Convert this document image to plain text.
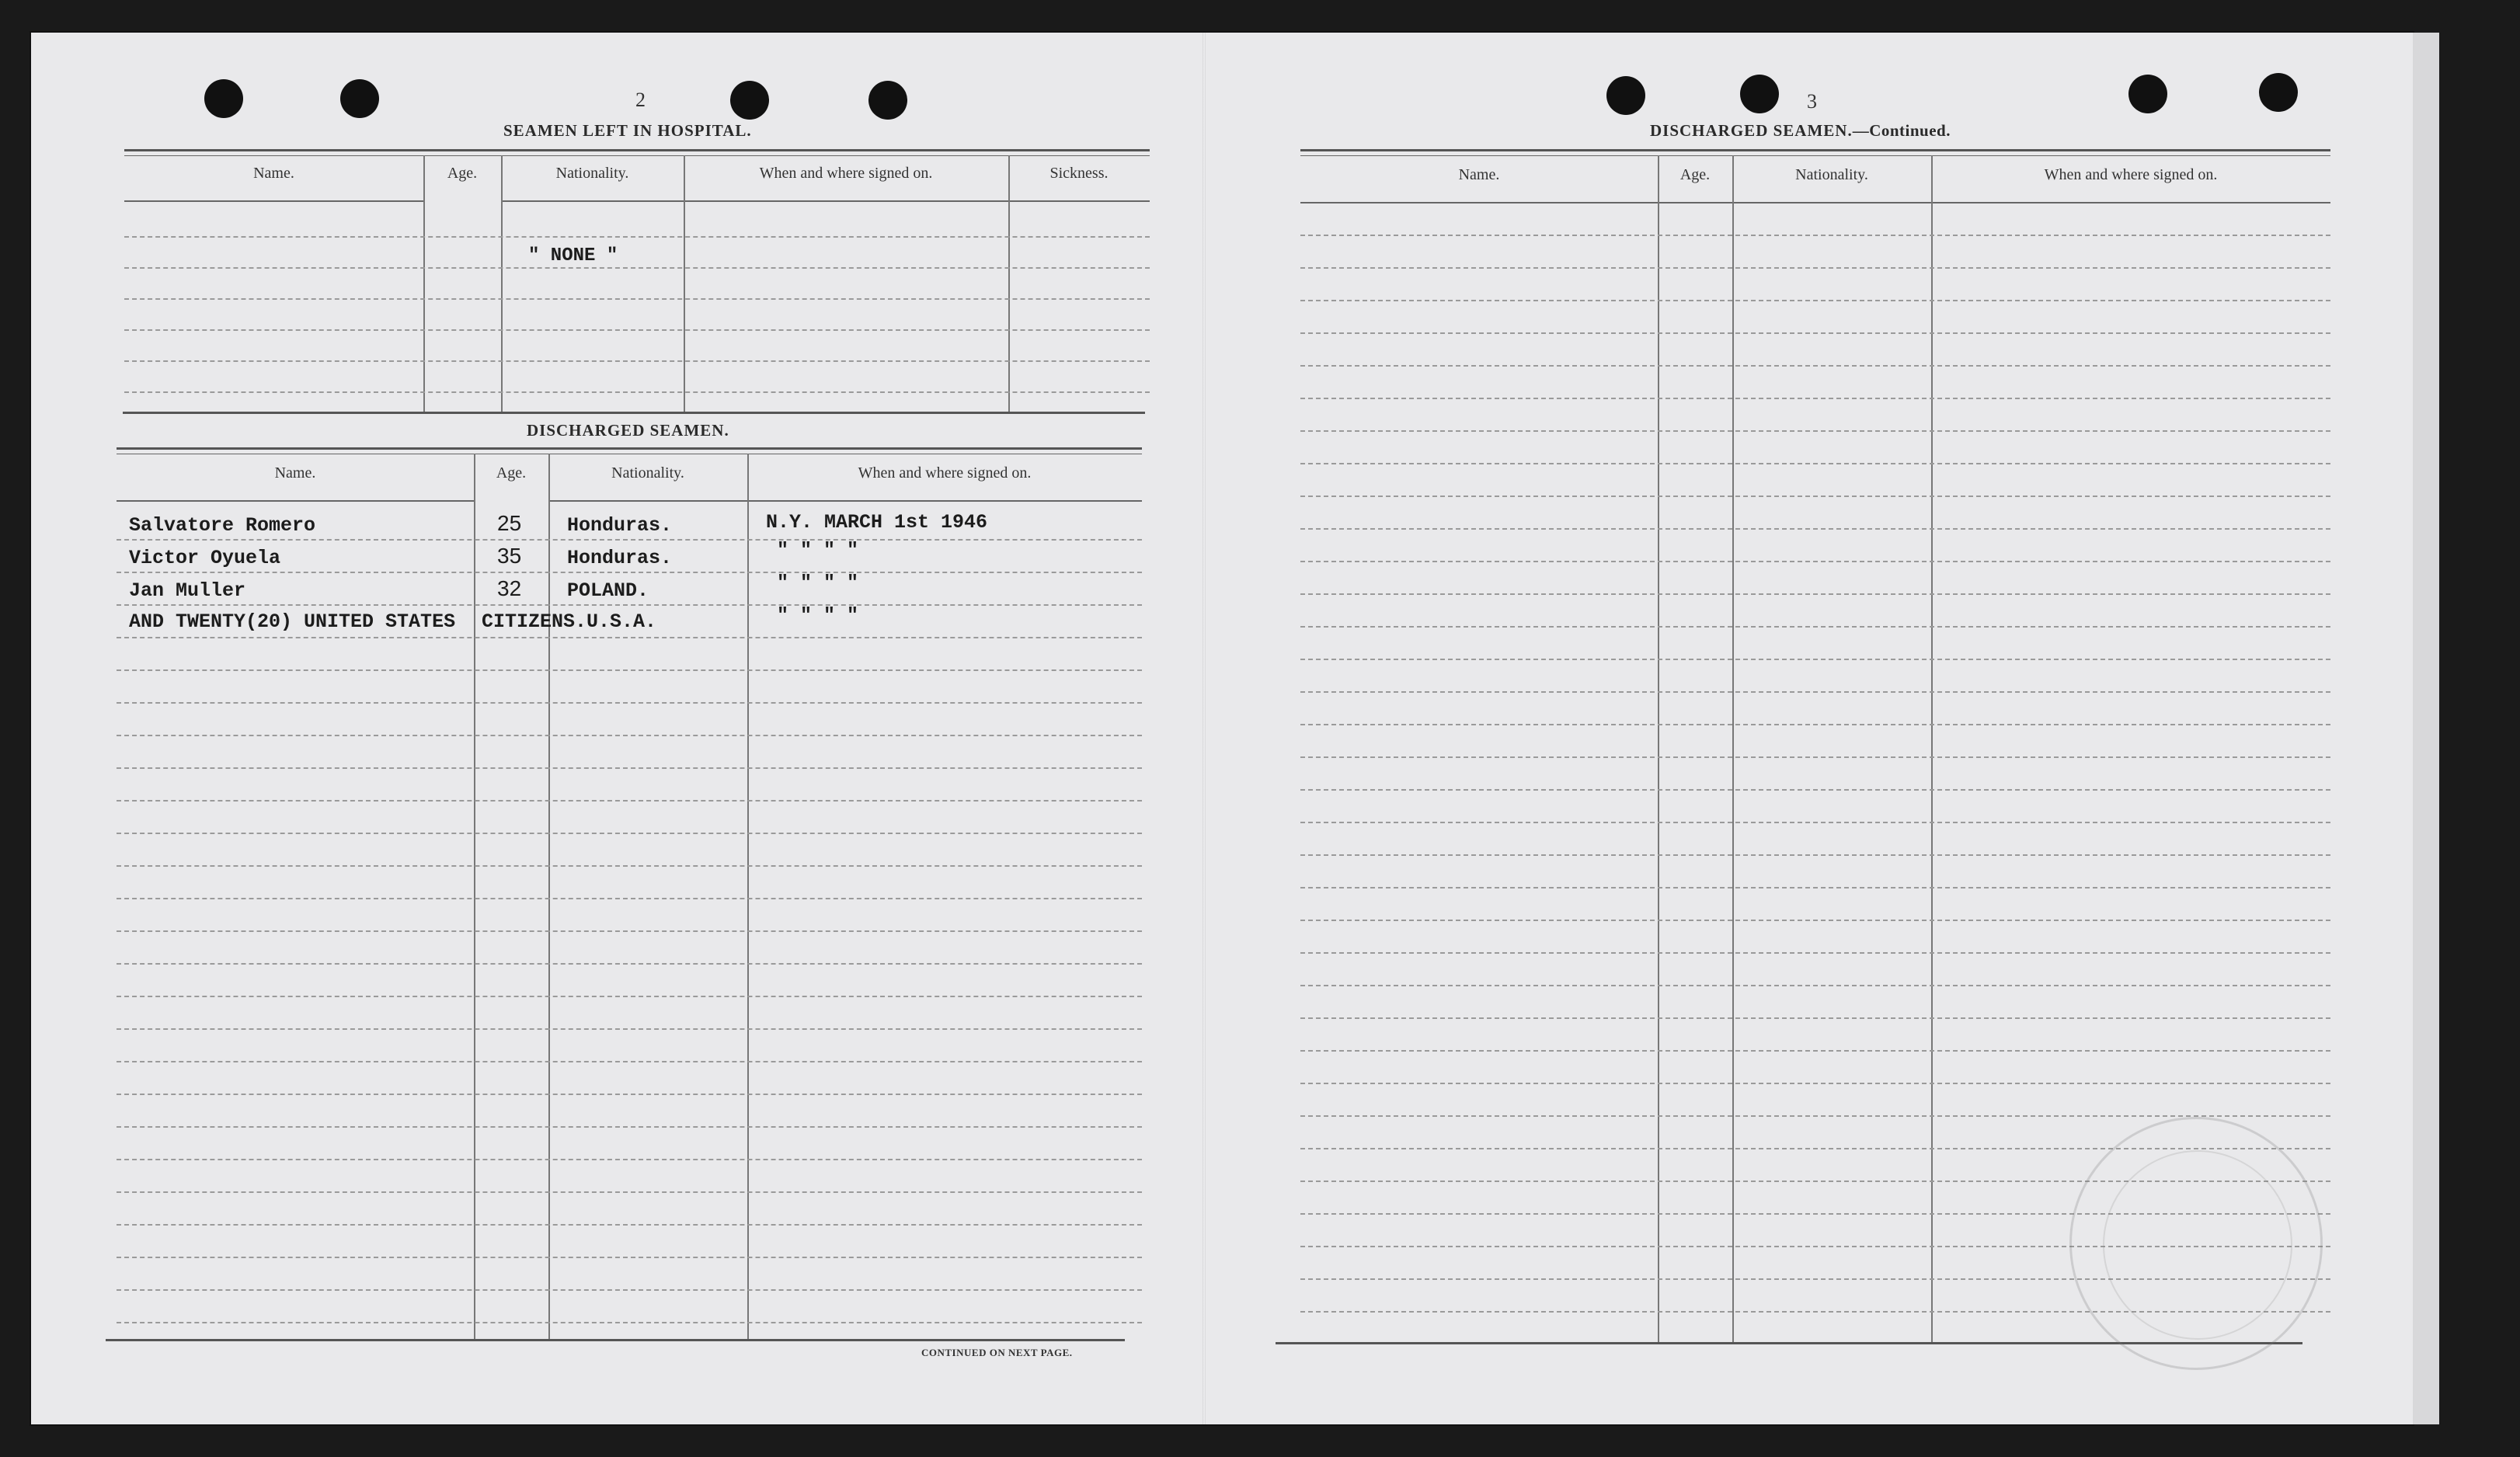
2
SEAMEN LEFT IN HOSPITAL.
Name.	Age.	Nationality.	When and where signed on.	Sickness.
" NONE "
DISCHARGED SEAMEN.
Name.	Age.	Nationality.	When and where signed on.
Salvatore Romero	25 Honduras.	N.Y. MARCH 1st 1946
Victor Oyuela	35 Honduras.	" " " "
Jan Muller	32 POLAND.	" " " "
AND TWENTY(20) UNITED STATES CITIZENS.U.S.A.	" " " "
CONTINUED ON NEXT PAGE.
3
DISCHARGED SEAMEN.—Continued.
Name.	Age.	Nationality.	When and where signed on.
